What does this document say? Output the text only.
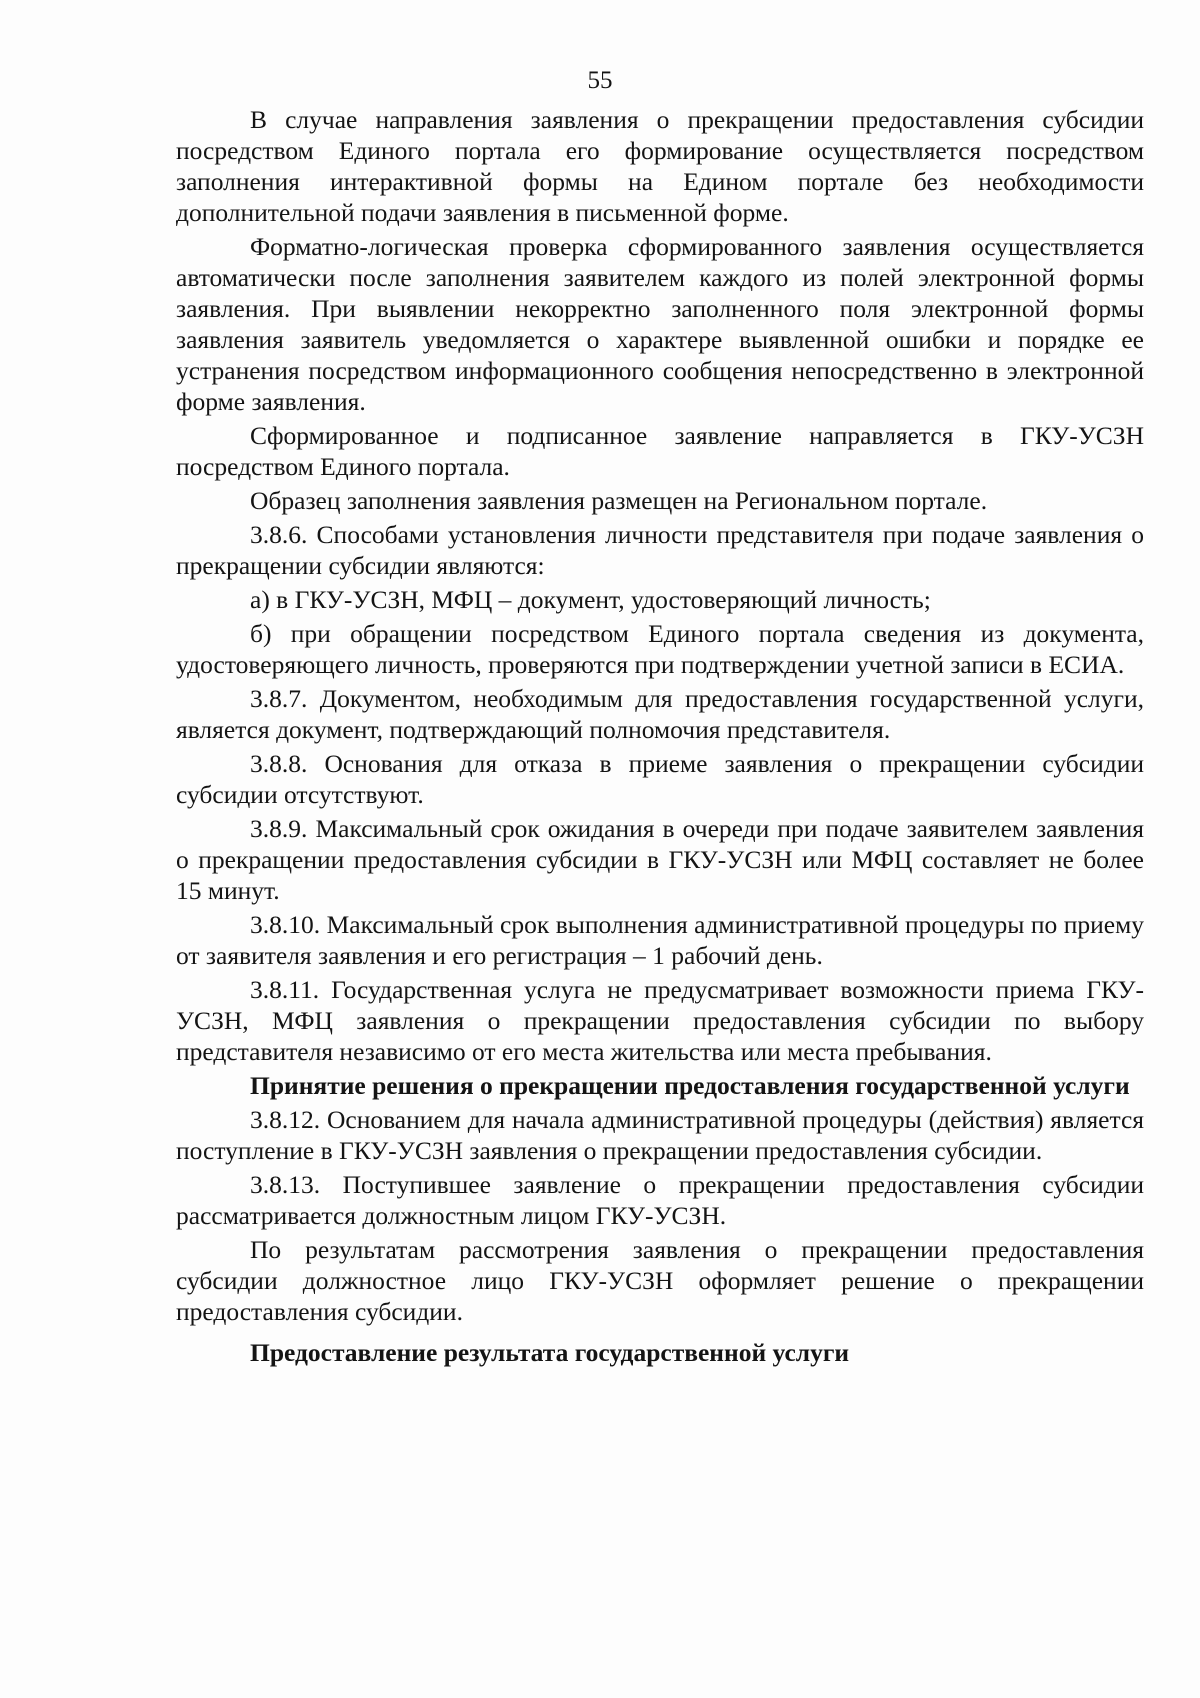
55

В случае направления заявления о прекращении предоставления субсидии посредством Единого портала его формирование осуществляется посредством заполнения интерактивной формы на Едином портале без необходимости дополнительной подачи заявления в письменной форме.

Форматно-логическая проверка сформированного заявления осуществляется автоматически после заполнения заявителем каждого из полей электронной формы заявления. При выявлении некорректно заполненного поля электронной формы заявления заявитель уведомляется о характере выявленной ошибки и порядке ее устранения посредством информационного сообщения непосредственно в электронной форме заявления.

Сформированное и подписанное заявление направляется в ГКУ-УСЗН посредством Единого портала.

Образец заполнения заявления размещен на Региональном портале.

3.8.6. Способами установления личности представителя при подаче заявления о прекращении субсидии являются:

а) в ГКУ-УСЗН, МФЦ – документ, удостоверяющий личность;

б) при обращении посредством Единого портала сведения из документа, удостоверяющего личность, проверяются при подтверждении учетной записи в ЕСИА.

3.8.7. Документом, необходимым для предоставления государственной услуги, является документ, подтверждающий полномочия представителя.

3.8.8. Основания для отказа в приеме заявления о прекращении субсидии субсидии отсутствуют.

3.8.9. Максимальный срок ожидания в очереди при подаче заявителем заявления о прекращении предоставления субсидии в ГКУ-УСЗН или МФЦ составляет не более 15 минут.

3.8.10. Максимальный срок выполнения административной процедуры по приему от заявителя заявления и его регистрация – 1 рабочий день.

3.8.11. Государственная услуга не предусматривает возможности приема ГКУ-УСЗН, МФЦ заявления о прекращении предоставления субсидии по выбору представителя независимо от его места жительства или места пребывания.

Принятие решения о прекращении предоставления государственной услуги

3.8.12. Основанием для начала административной процедуры (действия) является поступление в ГКУ-УСЗН заявления о прекращении предоставления субсидии.

3.8.13. Поступившее заявление о прекращении предоставления субсидии рассматривается должностным лицом ГКУ-УСЗН.

По результатам рассмотрения заявления о прекращении предоставления субсидии должностное лицо ГКУ-УСЗН оформляет решение о прекращении предоставления субсидии.

Предоставление результата государственной услуги
